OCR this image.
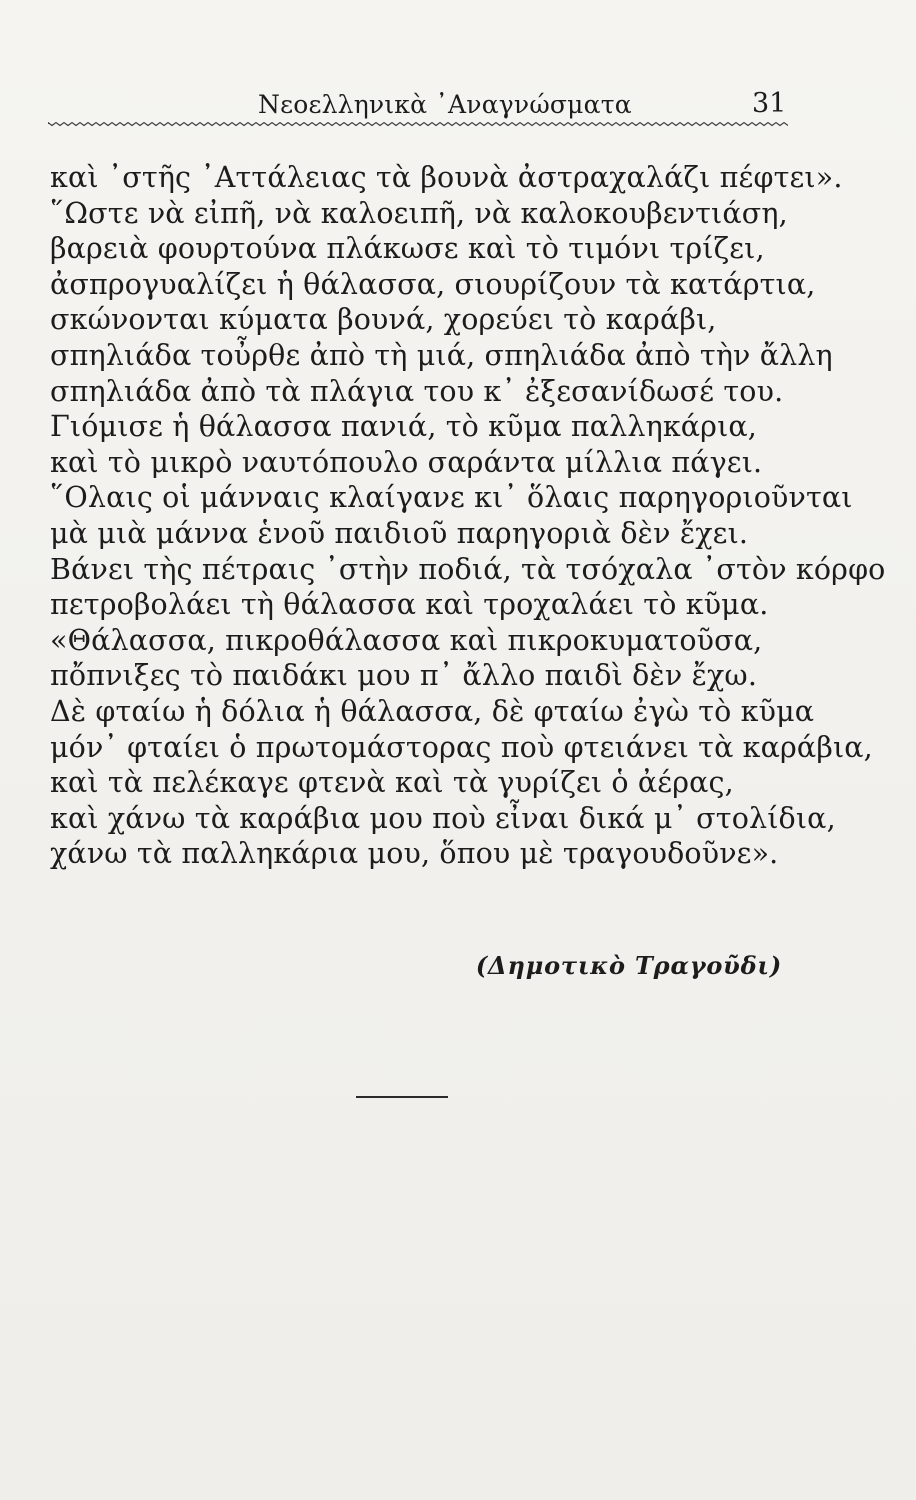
Νεοελληνικὰ ᾿Αναγνώσματα	31
καὶ ᾿στῆς ᾿Αττάλειας τὰ βουνὰ ἀστραχαλάζι πέφτει».
῞Ωστε νὰ εἰπῆ, νὰ καλοειπῆ, νὰ καλοκουβεντιάση,
βαρειὰ φουρτούνα πλάκωσε καὶ τὸ τιμόνι τρίζει,
ἀσπρογυαλίζει ἡ θάλασσα, σιουρίζουν τὰ κατάρτια,
σκώνονται κύματα βουνά, χορεύει τὸ καράβι,
σπηλιάδα τοὖρθε ἀπὸ τὴ μιά, σπηλιάδα ἀπὸ τὴν ἄλλη
σπηλιάδα ἀπὸ τὰ πλάγια του κ᾿ ἐξεσανίδωσέ του.
Γιόμισε ἡ θάλασσα πανιά, τὸ κῦμα παλληκάρια,
καὶ τὸ μικρὸ ναυτόπουλο σαράντα μίλλια πάγει.
῞Ολαις οἱ μάνναις κλαίγανε κι᾿ ὅλαις παρηγοριοῦνται
μὰ μιὰ μάννα ἑνοῦ παιδιοῦ παρηγοριὰ δὲν ἔχει.
Βάνει τὴς πέτραις ᾿στὴν ποδιά, τὰ τσόχαλα ᾿στὸν κόρφο
πετροβολάει τὴ θάλασσα καὶ τροχαλάει τὸ κῦμα.
«Θάλασσα, πικροθάλασσα καὶ πικροκυματοῦσα,
πὄπνιξες τὸ παιδάκι μου π᾿ ἄλλο παιδὶ δὲν ἔχω.
Δὲ φταίω ἡ δόλια ἡ θάλασσα, δὲ φταίω ἐγὼ τὸ κῦμα
μόν᾿ φταίει ὁ πρωτομάστορας ποὺ φτειάνει τὰ καράβια,
καὶ τὰ πελέκαγε φτενὰ καὶ τὰ γυρίζει ὁ ἀέρας,
καὶ χάνω τὰ καράβια μου ποὺ εἶναι δικά μ᾿ στολίδια,
χάνω τὰ παλληκάρια μου, ὅπου μὲ τραγουδοῦνε».
(Δημοτικὸ Τραγοῦδι)
